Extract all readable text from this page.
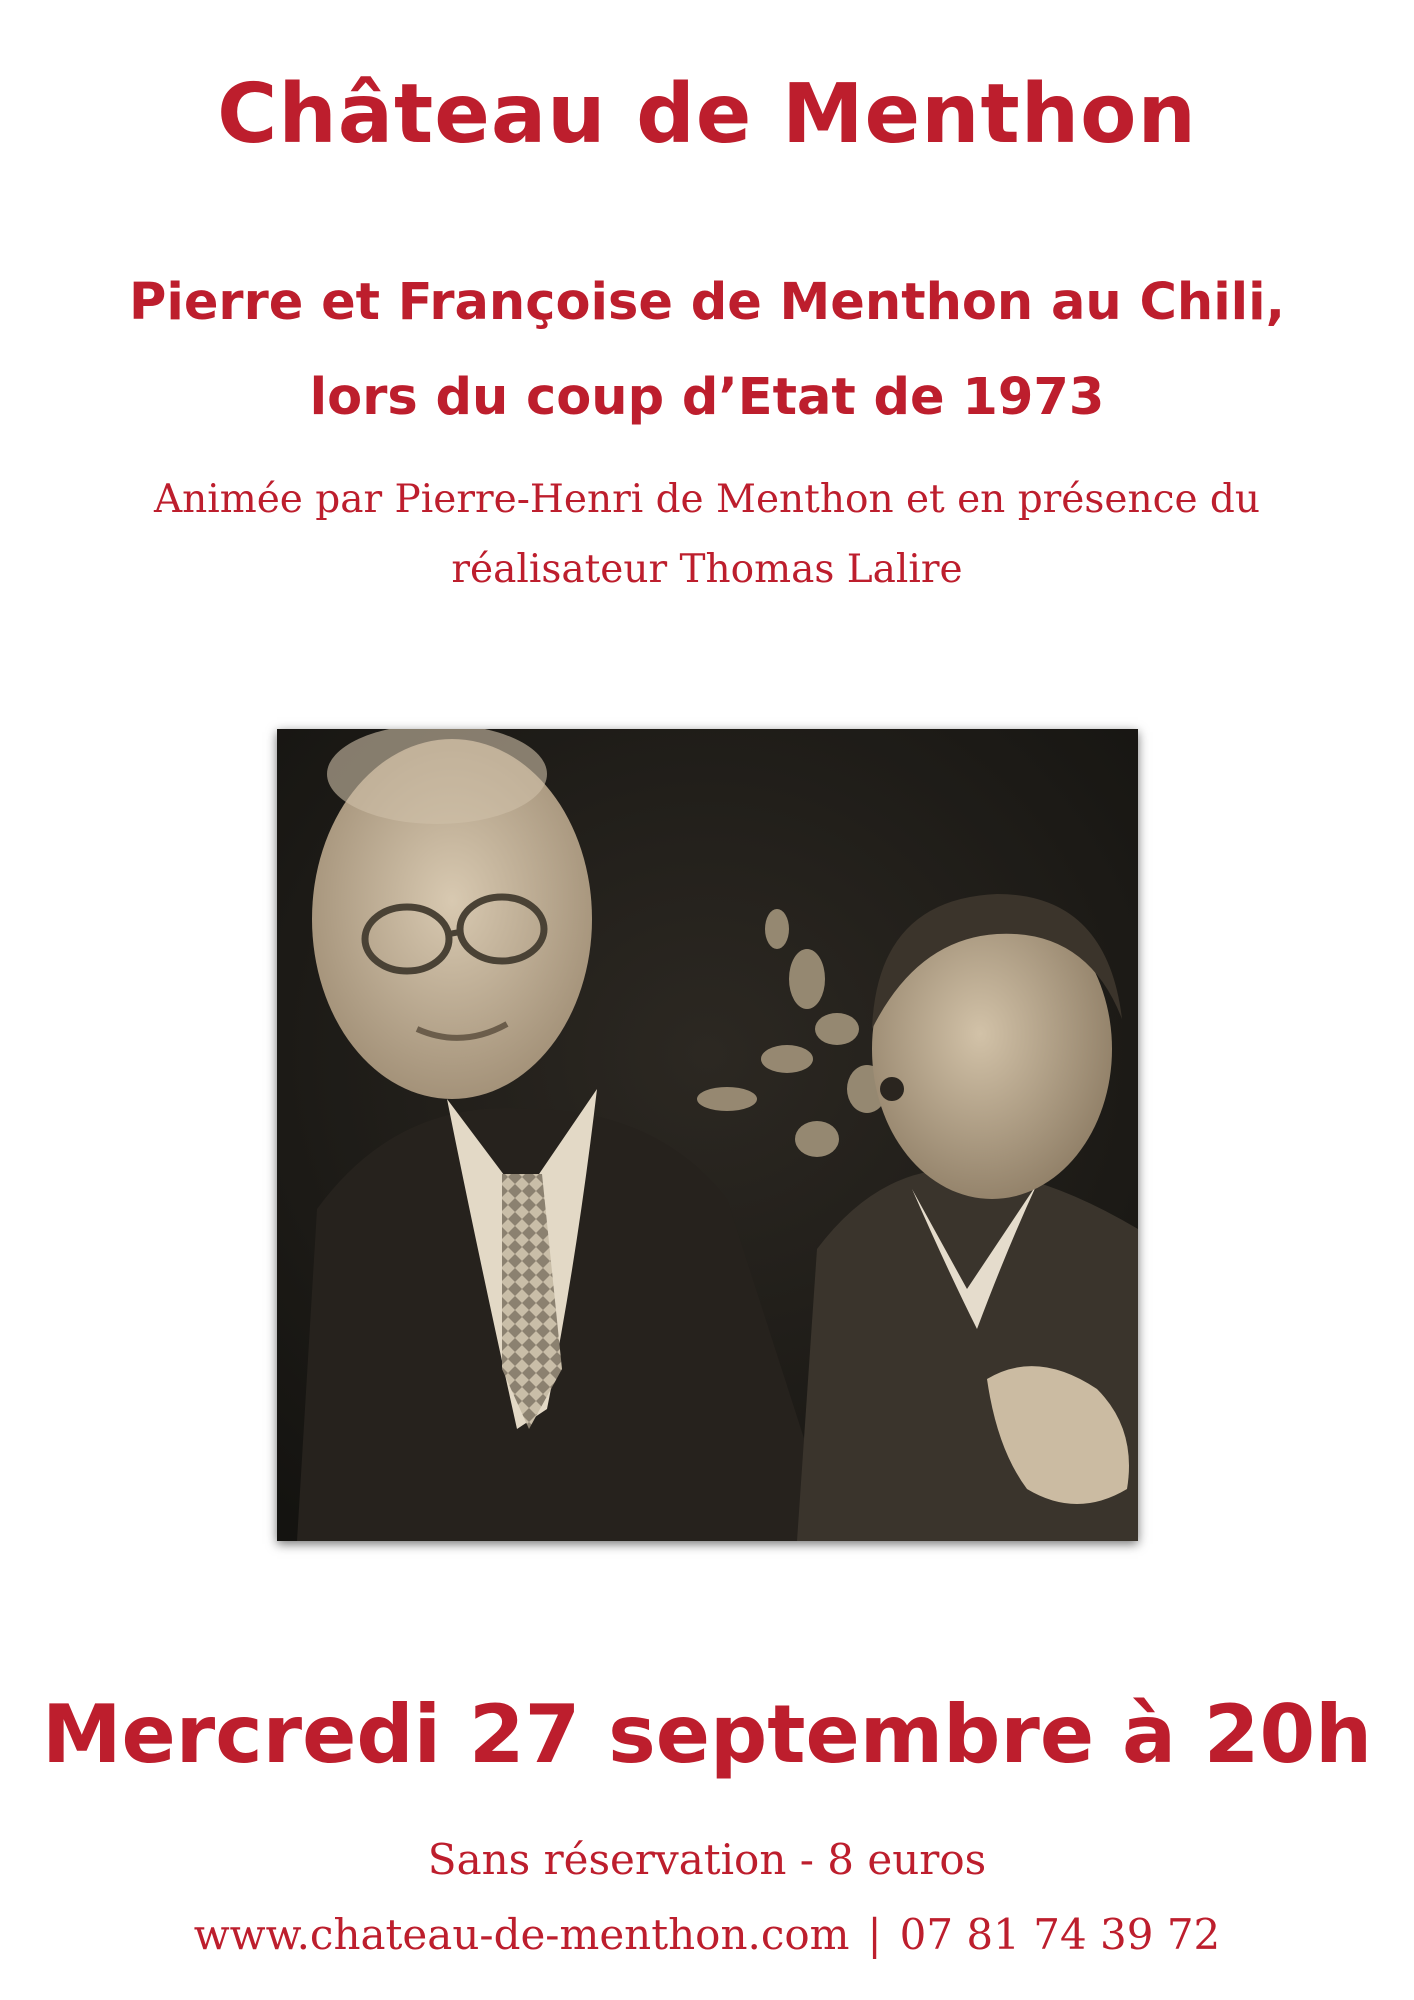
Château de Menthon
Pierre et Françoise de Menthon au Chili,
lors du coup d’Etat de 1973
Animée par Pierre-Henri de Menthon et en présence du
réalisateur Thomas Lalire
Mercredi 27 septembre à 20h
Sans réservation - 8 euros
www.chateau-de-menthon.com | 07 81 74 39 72
